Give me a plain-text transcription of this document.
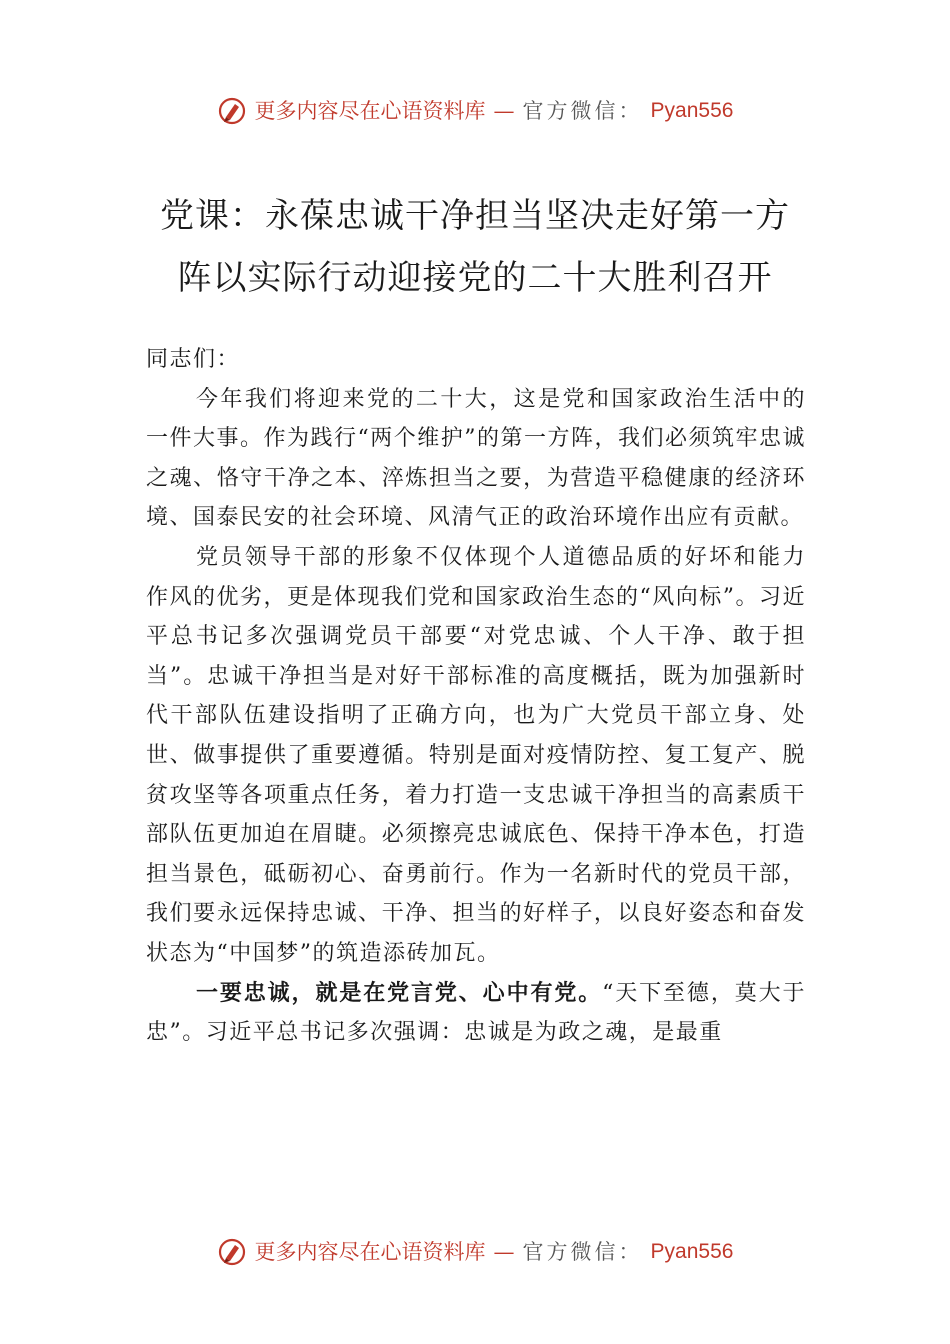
更多内容尽在心语资料库 — 官方微信： Pyan556
党课：永葆忠诚干净担当坚决走好第一方
阵以实际行动迎接党的二十大胜利召开

同志们：

今年我们将迎来党的二十大，这是党和国家政治生活中的一件大事。作为践行“两个维护”的第一方阵，我们必须筑牢忠诚之魂、恪守干净之本、淬炼担当之要，为营造平稳健康的经济环境、国泰民安的社会环境、风清气正的政治环境作出应有贡献。

党员领导干部的形象不仅体现个人道德品质的好坏和能力作风的优劣，更是体现我们党和国家政治生态的“风向标”。习近平总书记多次强调党员干部要“对党忠诚、个人干净、敢于担当”。忠诚干净担当是对好干部标准的高度概括，既为加强新时代干部队伍建设指明了正确方向，也为广大党员干部立身、处世、做事提供了重要遵循。特别是面对疫情防控、复工复产、脱贫攻坚等各项重点任务，着力打造一支忠诚干净担当的高素质干部队伍更加迫在眉睫。必须擦亮忠诚底色、保持干净本色，打造担当景色，砥砺初心、奋勇前行。作为一名新时代的党员干部，我们要永远保持忠诚、干净、担当的好样子，以良好姿态和奋发状态为“中国梦”的筑造添砖加瓦。

一要忠诚，就是在党言党、心中有党。“天下至德，莫大于忠”。习近平总书记多次强调：忠诚是为政之魂，是最重

更多内容尽在心语资料库 — 官方微信： Pyan556
